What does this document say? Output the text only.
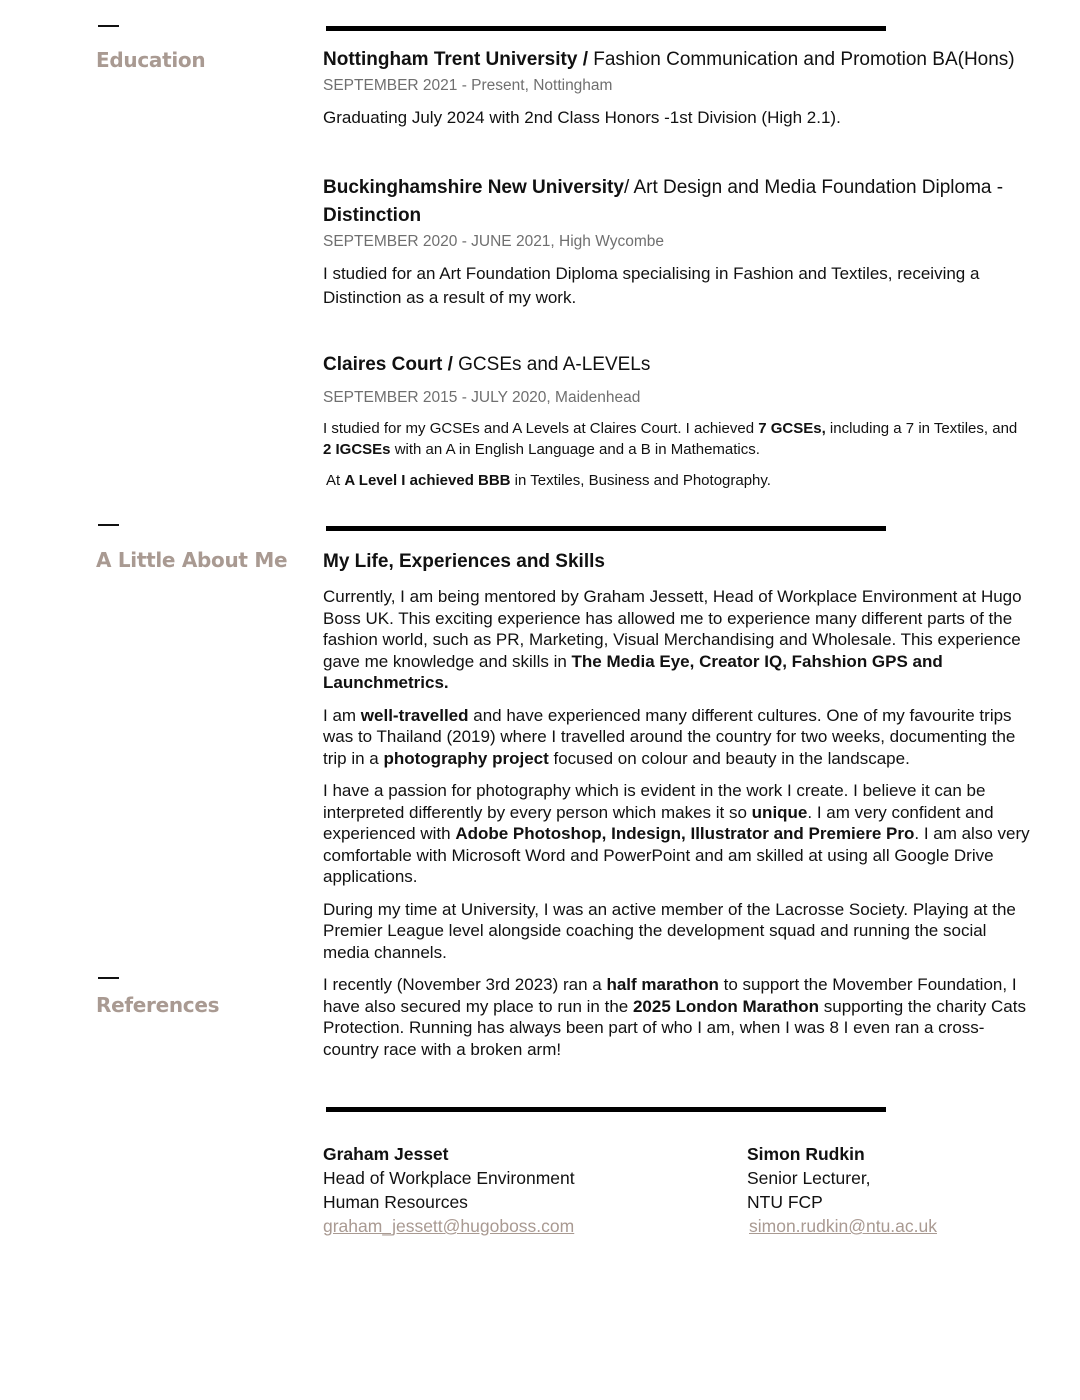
Education
A Little About Me
References

Nottingham Trent University / Fashion Communication and Promotion BA(Hons)

SEPTEMBER 2021 - Present, Nottingham

Graduating July 2024 with 2nd Class Honors -1st Division (High 2.1).

Buckinghamshire New University/ Art Design and Media Foundation Diploma -
Distinction

SEPTEMBER 2020 - JUNE 2021, High Wycombe

I studied for an Art Foundation Diploma specialising in Fashion and Textiles, receiving a Distinction as a result of my work.

Claires Court / GCSEs and A-LEVELs

SEPTEMBER 2015 - JULY 2020, Maidenhead

I studied for my GCSEs and A Levels at Claires Court. I achieved 7 GCSEs, including a 7 in Textiles, and 2 IGCSEs with an A in English Language and a B in Mathematics.

At A Level I achieved BBB in Textiles, Business and Photography.

My Life, Experiences and Skills

Currently, I am being mentored by Graham Jessett, Head of Workplace Environment at Hugo Boss UK. This exciting experience has allowed me to experience many different parts of the fashion world, such as PR, Marketing, Visual Merchandising and Wholesale. This experience gave me knowledge and skills in The Media Eye, Creator IQ, Fahshion GPS and Launchmetrics.

I am well-travelled and have experienced many different cultures. One of my favourite trips was to Thailand (2019) where I travelled around the country for two weeks, documenting the trip in a photography project focused on colour and beauty in the landscape.

I have a passion for photography which is evident in the work I create. I believe it can be interpreted differently by every person which makes it so unique. I am very confident and experienced with Adobe Photoshop, Indesign, Illustrator and Premiere Pro. I am also very comfortable with Microsoft Word and PowerPoint and am skilled at using all Google Drive applications.

During my time at University, I was an active member of the Lacrosse Society. Playing at the Premier League level alongside coaching the development squad and running the social media channels.

I recently (November 3rd 2023) ran a half marathon to support the Movember Foundation, I have also secured my place to run in the 2025 London Marathon supporting the charity Cats Protection. Running has always been part of who I am, when I was 8 I even ran a cross-country race with a broken arm!

Graham Jesset
Head of Workplace Environment
Human Resources
graham_jessett@hugoboss.com
Simon Rudkin
Senior Lecturer,
NTU FCP
simon.rudkin@ntu.ac.uk
